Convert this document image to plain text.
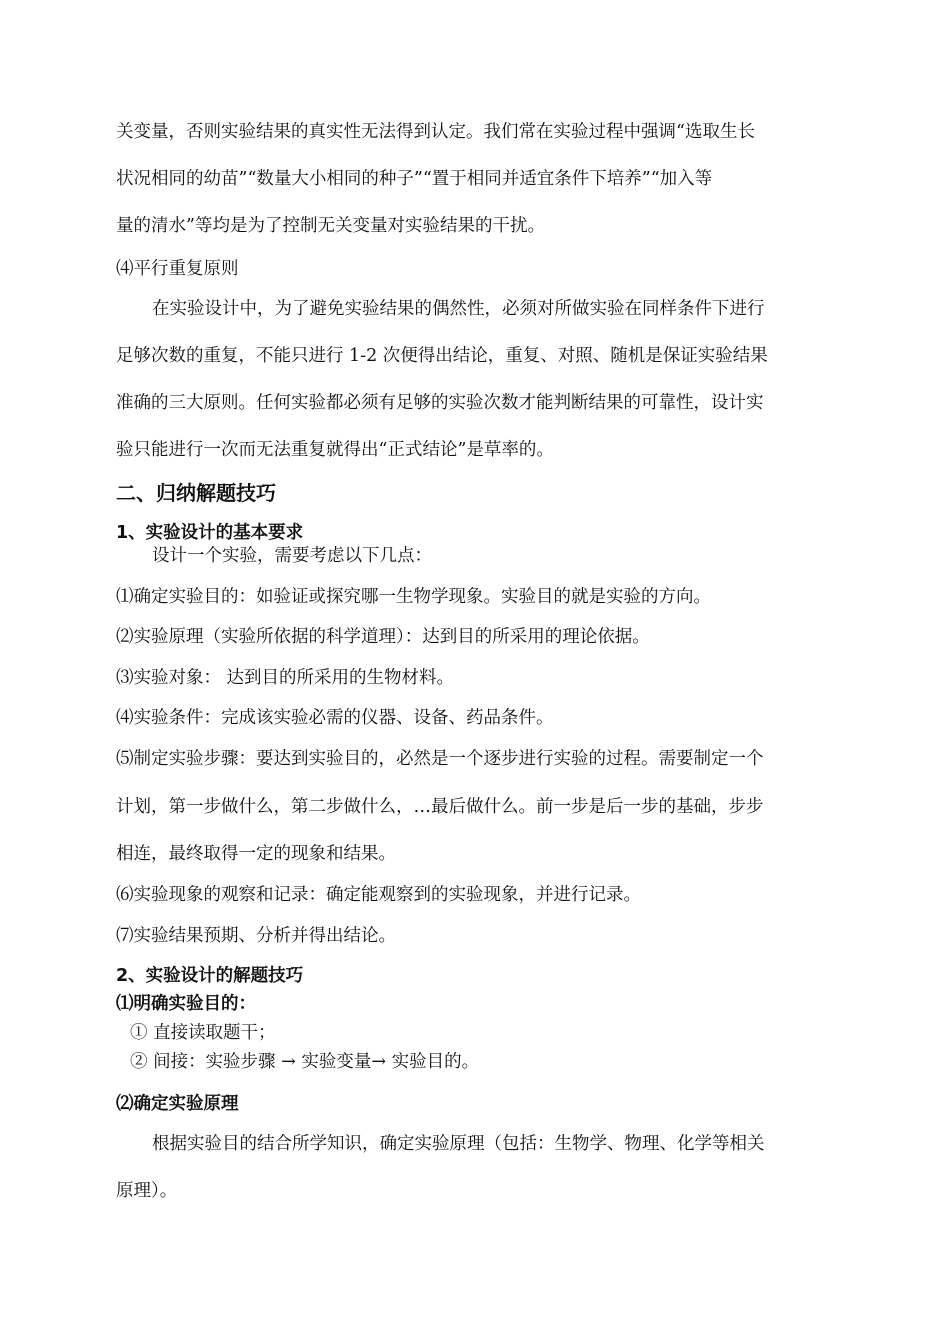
关变量，否则实验结果的真实性无法得到认定。我们常在实验过程中强调“选取生长
状况相同的幼苗”“数量大小相同的种子”“置于相同并适宜条件下培养”“加入等
量的清水”等均是为了控制无关变量对实验结果的干扰。
⑷平行重复原则
在实验设计中，为了避免实验结果的偶然性，必须对所做实验在同样条件下进行
足够次数的重复，不能只进行 1-2 次便得出结论，重复、对照、随机是保证实验结果
准确的三大原则。任何实验都必须有足够的实验次数才能判断结果的可靠性，设计实
验只能进行一次而无法重复就得出“正式结论”是草率的。
二、归纳解题技巧
1、实验设计的基本要求
设计一个实验，需要考虑以下几点：
⑴确定实验目的：如验证或探究哪一生物学现象。实验目的就是实验的方向。
⑵实验原理（实验所依据的科学道理）：达到目的所采用的理论依据。
⑶实验对象： 达到目的所采用的生物材料。
⑷实验条件：完成该实验必需的仪器、设备、药品条件。
⑸制定实验步骤：要达到实验目的，必然是一个逐步进行实验的过程。需要制定一个
计划，第一步做什么，第二步做什么，…最后做什么。前一步是后一步的基础，步步
相连，最终取得一定的现象和结果。
⑹实验现象的观察和记录：确定能观察到的实验现象，并进行记录。
⑺实验结果预期、分析并得出结论。
2、实验设计的解题技巧
⑴明确实验目的：
① 直接读取题干；
② 间接：实验步骤 → 实验变量→ 实验目的。
⑵确定实验原理
根据实验目的结合所学知识，确定实验原理（包括：生物学、物理、化学等相关
原理）。
